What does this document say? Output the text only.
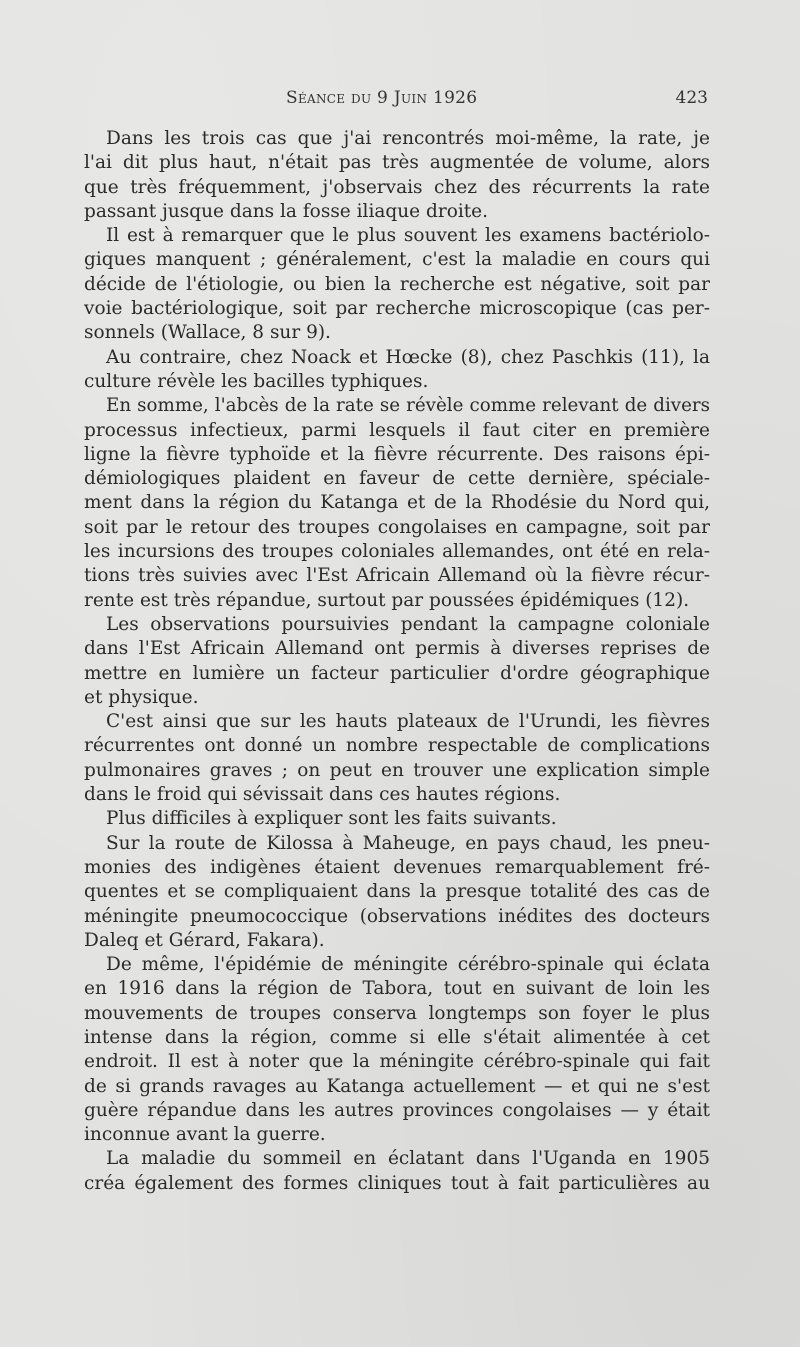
Séance du 9 Juin 1926	423
Dans les trois cas que j'ai rencontrés moi-même, la rate, je
l'ai dit plus haut, n'était pas très augmentée de volume, alors
que très fréquemment, j'observais chez des récurrents la rate
passant jusque dans la fosse iliaque droite.
Il est à remarquer que le plus souvent les examens bactériolo-
giques manquent ; généralement, c'est la maladie en cours qui
décide de l'étiologie, ou bien la recherche est négative, soit par
voie bactériologique, soit par recherche microscopique (cas per-
sonnels (Wallace, 8 sur 9).
Au contraire, chez Noack et Hœcke (8), chez Paschkis (11), la
culture révèle les bacilles typhiques.
En somme, l'abcès de la rate se révèle comme relevant de divers
processus infectieux, parmi lesquels il faut citer en première
ligne la fièvre typhoïde et la fièvre récurrente. Des raisons épi-
démiologiques plaident en faveur de cette dernière, spéciale-
ment dans la région du Katanga et de la Rhodésie du Nord qui,
soit par le retour des troupes congolaises en campagne, soit par
les incursions des troupes coloniales allemandes, ont été en rela-
tions très suivies avec l'Est Africain Allemand où la fièvre récur-
rente est très répandue, surtout par poussées épidémiques (12).
Les observations poursuivies pendant la campagne coloniale
dans l'Est Africain Allemand ont permis à diverses reprises de
mettre en lumière un facteur particulier d'ordre géographique
et physique.
C'est ainsi que sur les hauts plateaux de l'Urundi, les fièvres
récurrentes ont donné un nombre respectable de complications
pulmonaires graves ; on peut en trouver une explication simple
dans le froid qui sévissait dans ces hautes régions.
Plus difficiles à expliquer sont les faits suivants.
Sur la route de Kilossa à Maheuge, en pays chaud, les pneu-
monies des indigènes étaient devenues remarquablement fré-
quentes et se compliquaient dans la presque totalité des cas de
méningite pneumococcique (observations inédites des docteurs
Daleq et Gérard, Fakara).
De même, l'épidémie de méningite cérébro-spinale qui éclata
en 1916 dans la région de Tabora, tout en suivant de loin les
mouvements de troupes conserva longtemps son foyer le plus
intense dans la région, comme si elle s'était alimentée à cet
endroit. Il est à noter que la méningite cérébro-spinale qui fait
de si grands ravages au Katanga actuellement — et qui ne s'est
guère répandue dans les autres provinces congolaises — y était
inconnue avant la guerre.
La maladie du sommeil en éclatant dans l'Uganda en 1905
créa également des formes cliniques tout à fait particulières au
